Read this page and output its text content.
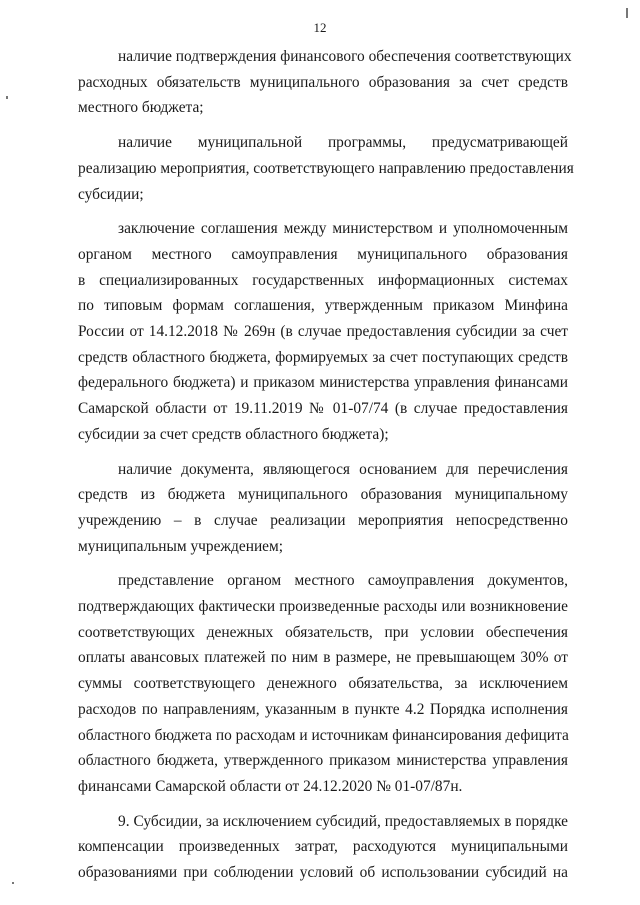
12
наличие подтверждения финансового обеспечения соответствующих
расходных обязательств муниципального образования за счет средств
местного бюджета;
наличие муниципальной программы, предусматривающей
реализацию мероприятия, соответствующего направлению предоставления
субсидии;
заключение соглашения между министерством и уполномоченным
органом местного самоуправления муниципального образования
в специализированных государственных информационных системах
по типовым формам соглашения, утвержденным приказом Минфина
России от 14.12.2018 № 269н (в случае предоставления субсидии за счет
средств областного бюджета, формируемых за счет поступающих средств
федерального бюджета) и приказом министерства управления финансами
Самарской области от 19.11.2019 № 01-07/74 (в случае предоставления
субсидии за счет средств областного бюджета);
наличие документа, являющегося основанием для перечисления
средств из бюджета муниципального образования муниципальному
учреждению – в случае реализации мероприятия непосредственно
муниципальным учреждением;
представление органом местного самоуправления документов,
подтверждающих фактически произведенные расходы или возникновение
соответствующих денежных обязательств, при условии обеспечения
оплаты авансовых платежей по ним в размере, не превышающем 30% от
суммы соответствующего денежного обязательства, за исключением
расходов по направлениям, указанным в пункте 4.2 Порядка исполнения
областного бюджета по расходам и источникам финансирования дефицита
областного бюджета, утвержденного приказом министерства управления
финансами Самарской области от 24.12.2020 № 01-07/87н.
9. Субсидии, за исключением субсидий, предоставляемых в порядке
компенсации произведенных затрат, расходуются муниципальными
образованиями при соблюдении условий об использовании субсидий на
